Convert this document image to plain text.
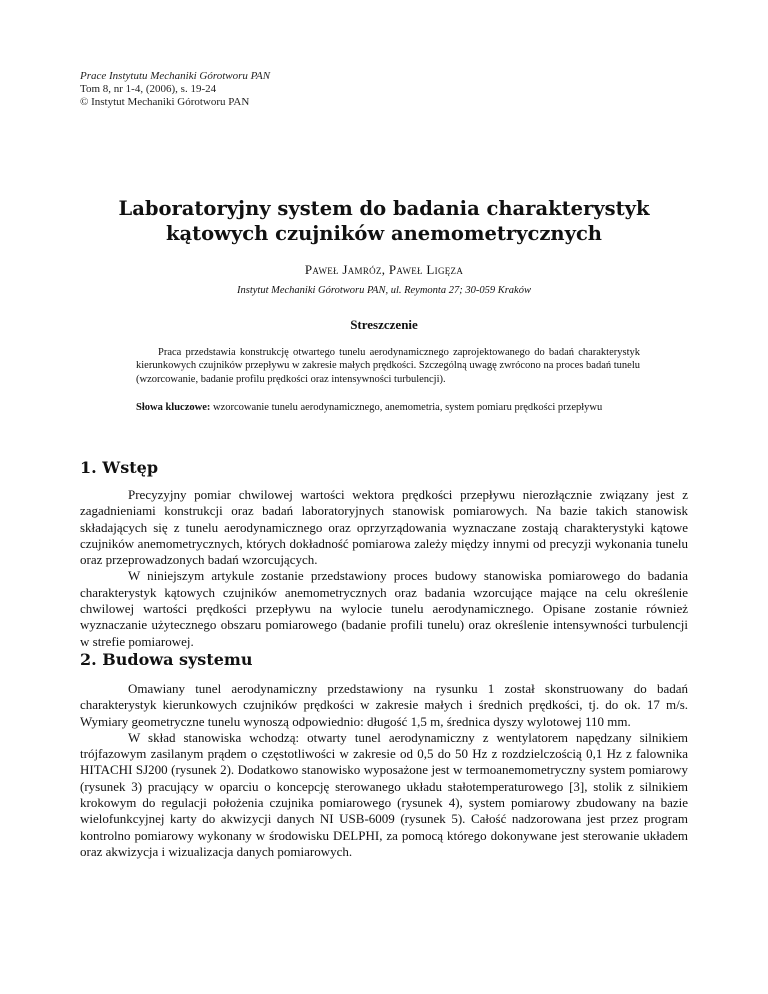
Prace Instytutu Mechaniki Górotworu PAN
Tom 8, nr 1-4, (2006), s. 19-24
© Instytut Mechaniki Górotworu PAN
Laboratoryjny system do badania charakterystyk kątowych czujników anemometrycznych
Paweł Jamróz, Paweł Ligęza
Instytut Mechaniki Górotworu PAN, ul. Reymonta 27; 30-059 Kraków
Streszczenie
Praca przedstawia konstrukcję otwartego tunelu aerodynamicznego zaprojektowanego do badań charakterystyk kierunkowych czujników przepływu w zakresie małych prędkości. Szczególną uwagę zwrócono na proces badań tunelu (wzorcowanie, badanie profilu prędkości oraz intensywności turbulencji).
Słowa kluczowe: wzorcowanie tunelu aerodynamicznego, anemometria, system pomiaru prędkości przepływu
1. Wstęp

Precyzyjny pomiar chwilowej wartości wektora prędkości przepływu nierozłącznie związany jest z zagadnieniami konstrukcji oraz badań laboratoryjnych stanowisk pomiarowych. Na bazie takich stanowisk składających się z tunelu aerodynamicznego oraz oprzyrządowania wyznaczane zostają charakterystyki kątowe czujników anemometrycznych, których dokładność pomiarowa zależy między innymi od precyzji wykonania tunelu oraz przeprowadzonych badań wzorcujących.

W niniejszym artykule zostanie przedstawiony proces budowy stanowiska pomiarowego do badania charakterystyk kątowych czujników anemometrycznych oraz badania wzorcujące mające na celu określenie chwilowej wartości prędkości przepływu na wylocie tunelu aerodynamicznego. Opisane zostanie również wyznaczanie użytecznego obszaru pomiarowego (badanie profili tunelu) oraz określenie intensywności turbulencji w strefie pomiarowej.

2. Budowa systemu

Omawiany tunel aerodynamiczny przedstawiony na rysunku 1 został skonstruowany do badań charakterystyk kierunkowych czujników prędkości w zakresie małych i średnich prędkości, tj. do ok. 17 m/s. Wymiary geometryczne tunelu wynoszą odpowiednio: długość 1,5 m, średnica dyszy wylotowej 110 mm.

W skład stanowiska wchodzą: otwarty tunel aerodynamiczny z wentylatorem napędzany silnikiem trójfazowym zasilanym prądem o częstotliwości w zakresie od 0,5 do 50 Hz z rozdzielczością 0,1 Hz z falownika HITACHI SJ200 (rysunek 2). Dodatkowo stanowisko wyposażone jest w termoanemometryczny system pomiarowy (rysunek 3) pracujący w oparciu o koncepcję sterowanego układu stałotemperaturowego [3], stolik z silnikiem krokowym do regulacji położenia czujnika pomiarowego (rysunek 4), system pomiarowy zbudowany na bazie wielofunkcyjnej karty do akwizycji danych NI USB-6009 (rysunek 5). Całość nadzorowana jest przez program kontrolno pomiarowy wykonany w środowisku DELPHI, za pomocą którego dokonywane jest sterowanie układem oraz akwizycja i wizualizacja danych pomiarowych.
